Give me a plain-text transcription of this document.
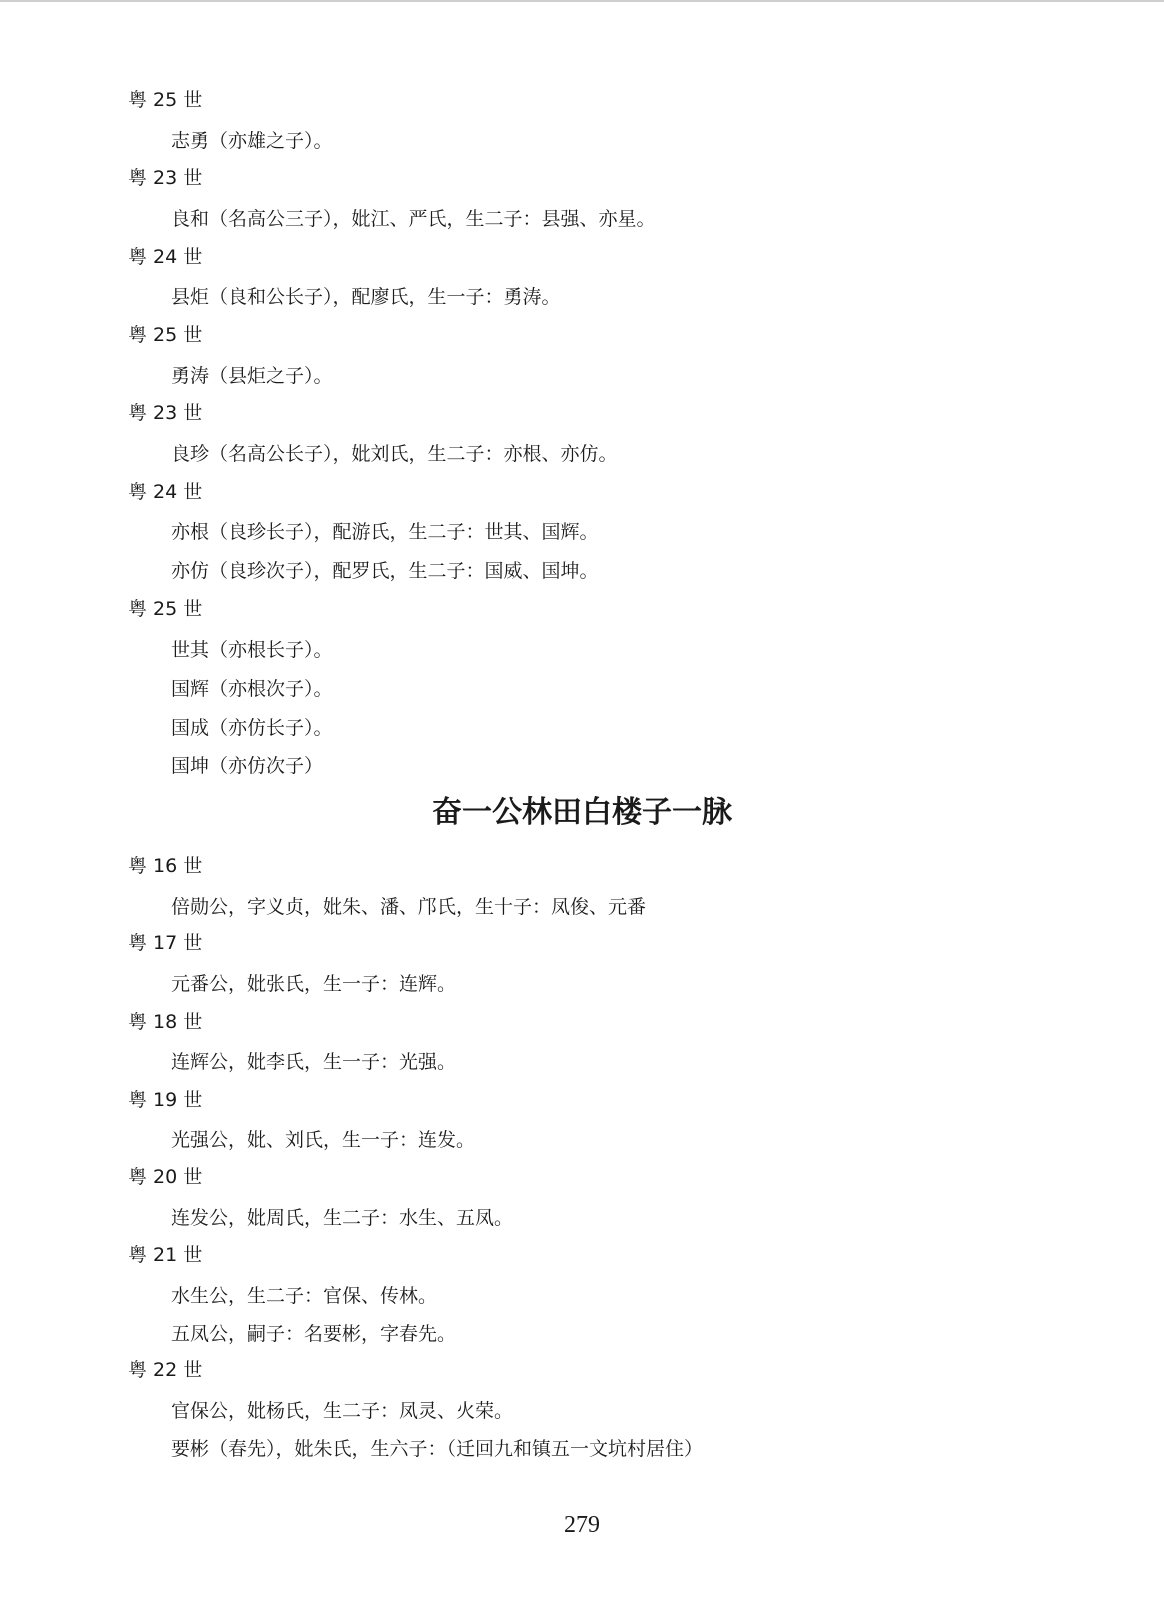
粤 25 世

志勇（亦雄之子）。

粤 23 世

良和（名高公三子），妣江、严氏，生二子：县强、亦星。

粤 24 世

县炬（良和公长子），配廖氏，生一子：勇涛。

粤 25 世

勇涛（县炬之子）。

粤 23 世

良珍（名高公长子），妣刘氏，生二子：亦根、亦仿。

粤 24 世

亦根（良珍长子），配游氏，生二子：世其、国辉。

亦仿（良珍次子），配罗氏，生二子：国威、国坤。

粤 25 世

世其（亦根长子）。

国辉（亦根次子）。

国成（亦仿长子）。

国坤（亦仿次子）

奋一公林田白楼子一脉

粤 16 世

倍勋公，字义贞，妣朱、潘、邝氏，生十子：凤俊、元番

粤 17 世

元番公，妣张氏，生一子：连辉。

粤 18 世

连辉公，妣李氏，生一子：光强。

粤 19 世

光强公，妣、刘氏，生一子：连发。

粤 20 世

连发公，妣周氏，生二子：水生、五凤。

粤 21 世

水生公，生二子：官保、传林。

五凤公，嗣子：名要彬，字春先。

粤 22 世

官保公，妣杨氏，生二子：凤灵、火荣。

要彬（春先），妣朱氏，生六子：（迁回九和镇五一文坑村居住）

279
